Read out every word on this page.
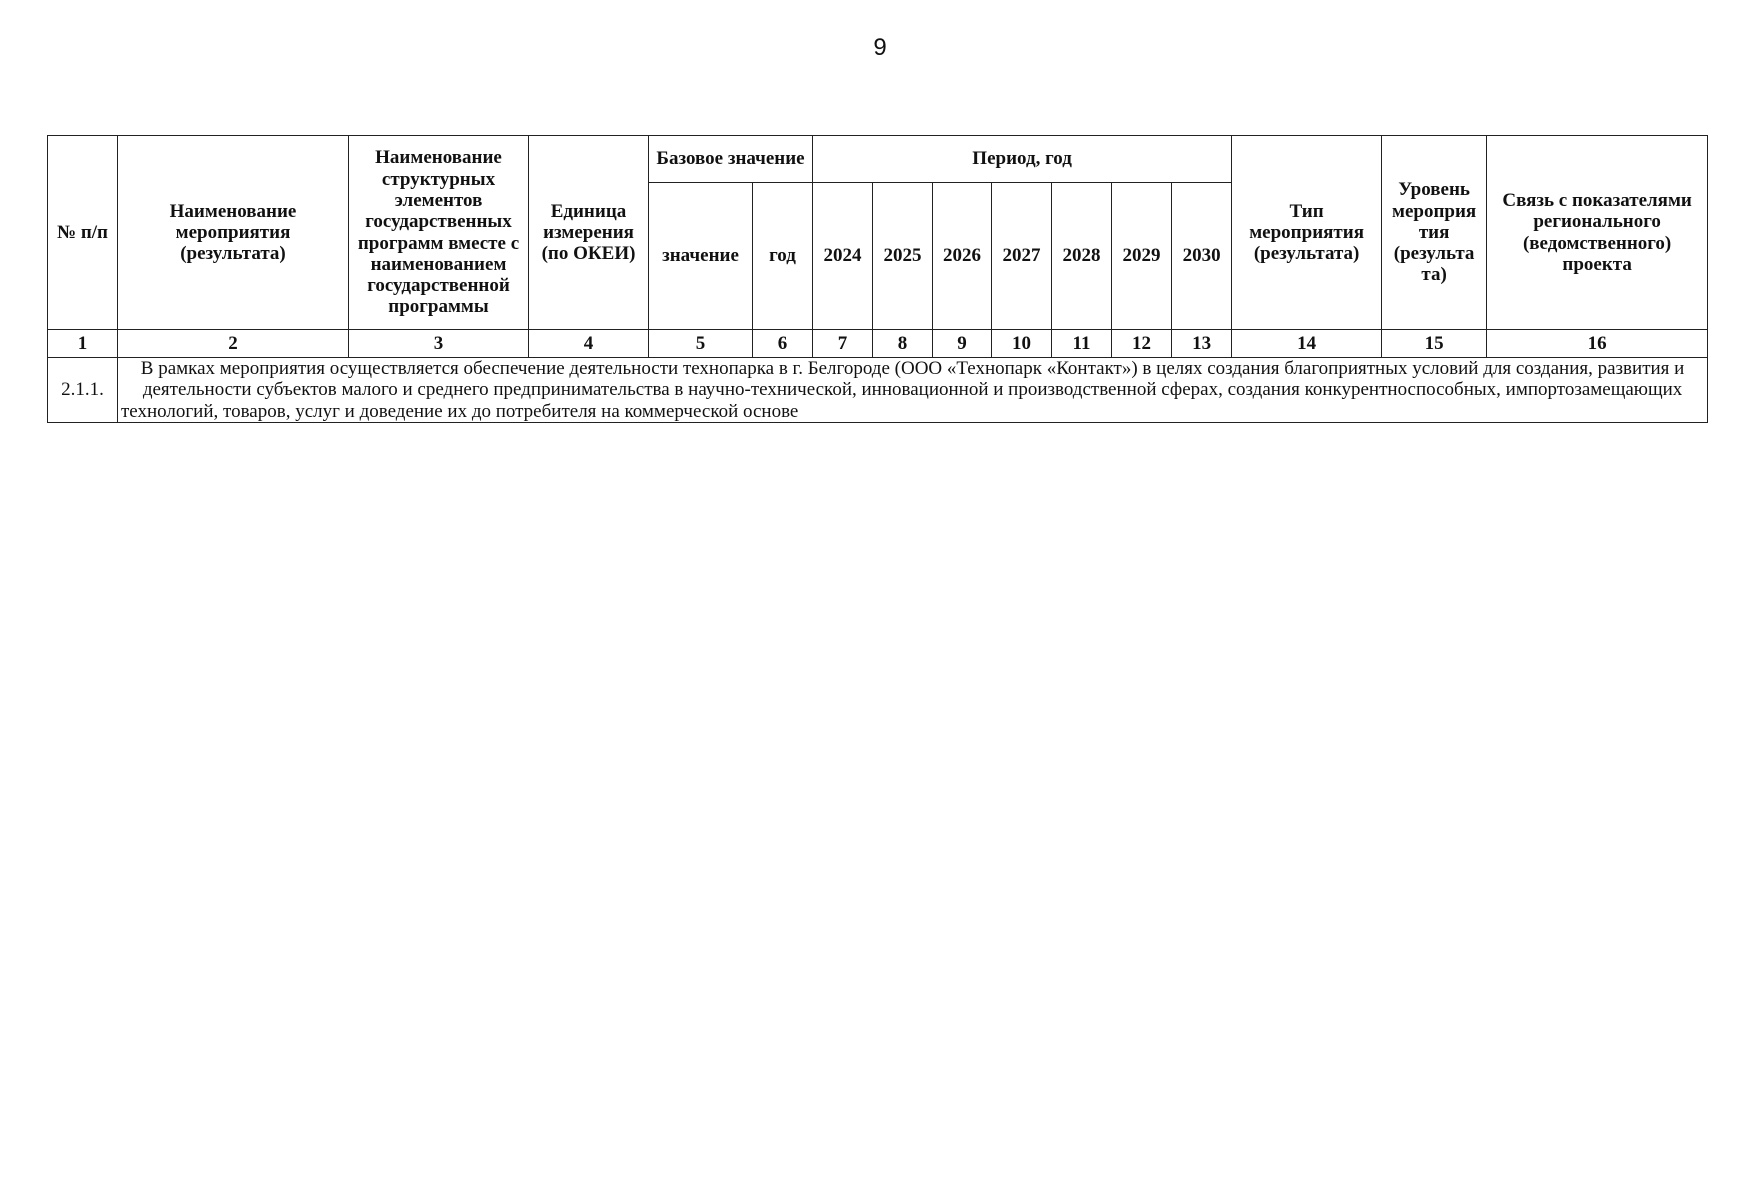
9
№ п/п	Наименование мероприятия (результата)	Наименование структурных элементов государственных программ вместе с наименованием государственной программы	Единица измерения (по ОКЕИ)	Базовое значение		Период, год							Тип мероприятия (результата)	Уровень мероприя тия (результа та)	Связь с показателями регионального (ведомственного) проекта
				значение	год	2024	2025	2026	2027	2028	2029	2030			
1	2	3	4	5	6	7	8	9	10	11	12	13	14	15	16
2.1.1.	В рамках мероприятия осуществляется обеспечение деятельности технопарка в г. Белгороде (ООО «Технопарк «Контакт») в целях создания благоприятных условий для создания, развития и деятельности субъектов малого и среднего предпринимательства в научно-технической, инновационной и производственной сферах, создания конкурентноспособных, импортозамещающих технологий, товаров, услуг и доведение их до потребителя на коммерческой основе														
